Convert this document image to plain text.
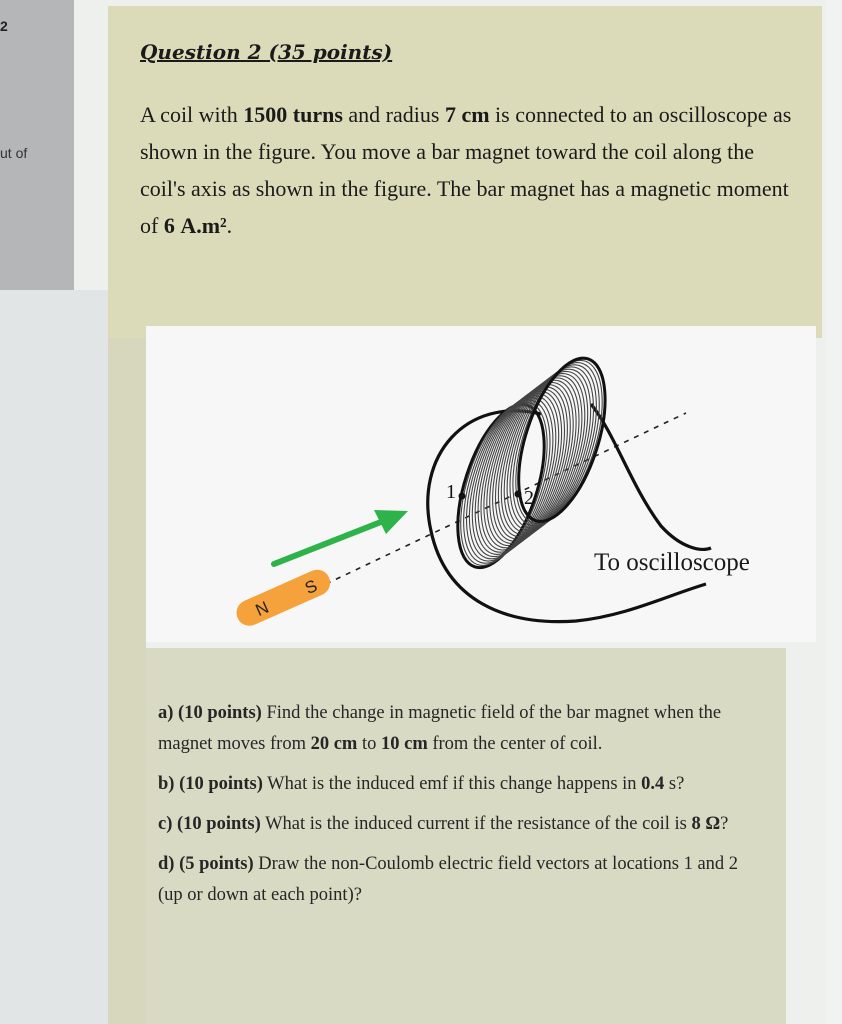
2
ut of
Question 2 (35 points)
A coil with 1500 turns and radius 7 cm is connected to an oscilloscope as shown in the figure. You move a bar magnet toward the coil along the coil's axis as shown in the figure. The bar magnet has a magnetic moment of 6 A.m².
1	2
N
S
To oscilloscope
a) (10 points) Find the change in magnetic field of the bar magnet when the magnet moves from 20 cm to 10 cm from the center of coil.
b) (10 points) What is the induced emf if this change happens in 0.4 s?
c) (10 points) What is the induced current if the resistance of the coil is 8 Ω?
d) (5 points) Draw the non-Coulomb electric field vectors at locations 1 and 2 (up or down at each point)?
